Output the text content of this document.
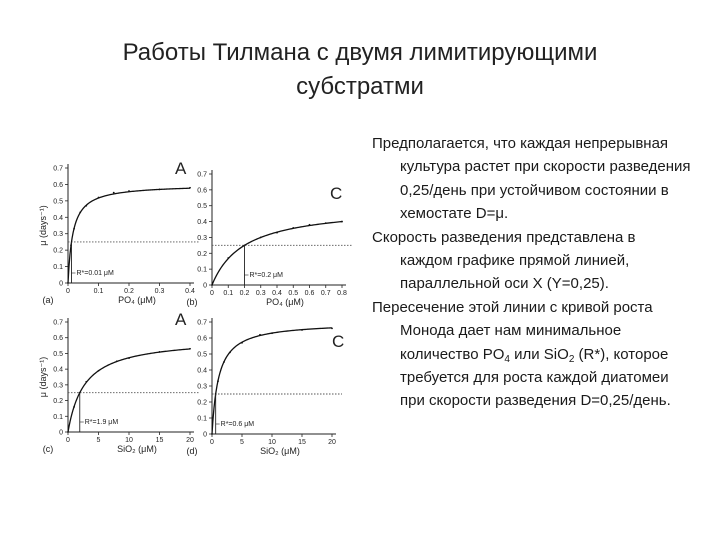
Работы Тилмана с двумя лимитирующими
субстратми
0
0.1
0.2
0.3
0.4
0.5
0.6
0.7
0	0.1	0.2	0.3	0.4
PO₄ (μM)
μ (days⁻¹)
(a)
R*=0.01 μM
0
0.1
0.2
0.3
0.4
0.5
0.6
0.7
0 0.1 0.2 0.3 0.4 0.5 0.6 0.7 0.8
PO₄ (μM)
(b)
R*=0.2 μM
0
0.1
0.2
0.3
0.4
0.5
0.6
0.7
0	5	10	15	20
SiO₂ (μM)
μ (days⁻¹)
(c)
R*=1.9 μM
0
0.1
0.2
0.3
0.4
0.5
0.6
0.7
0	5	10	15	20
SiO₂ (μM)
(d)
R*=0.6 μM
A
C
A
C
Предполагается, что каждая непрерывная культура растет при скорости разведения 0,25/день при устойчивом состоянии в хемостате D=μ.
Скорость разведения представлена в каждом графике прямой линией, параллельной оси X (Y=0,25).
Пересечение этой линии с кривой роста Монода дает нам минимальное количество $PO_4$ или SiO$_2$ (R*), которое требуется для роста каждой диатомеи при скорости разведения D=0,25/день.
